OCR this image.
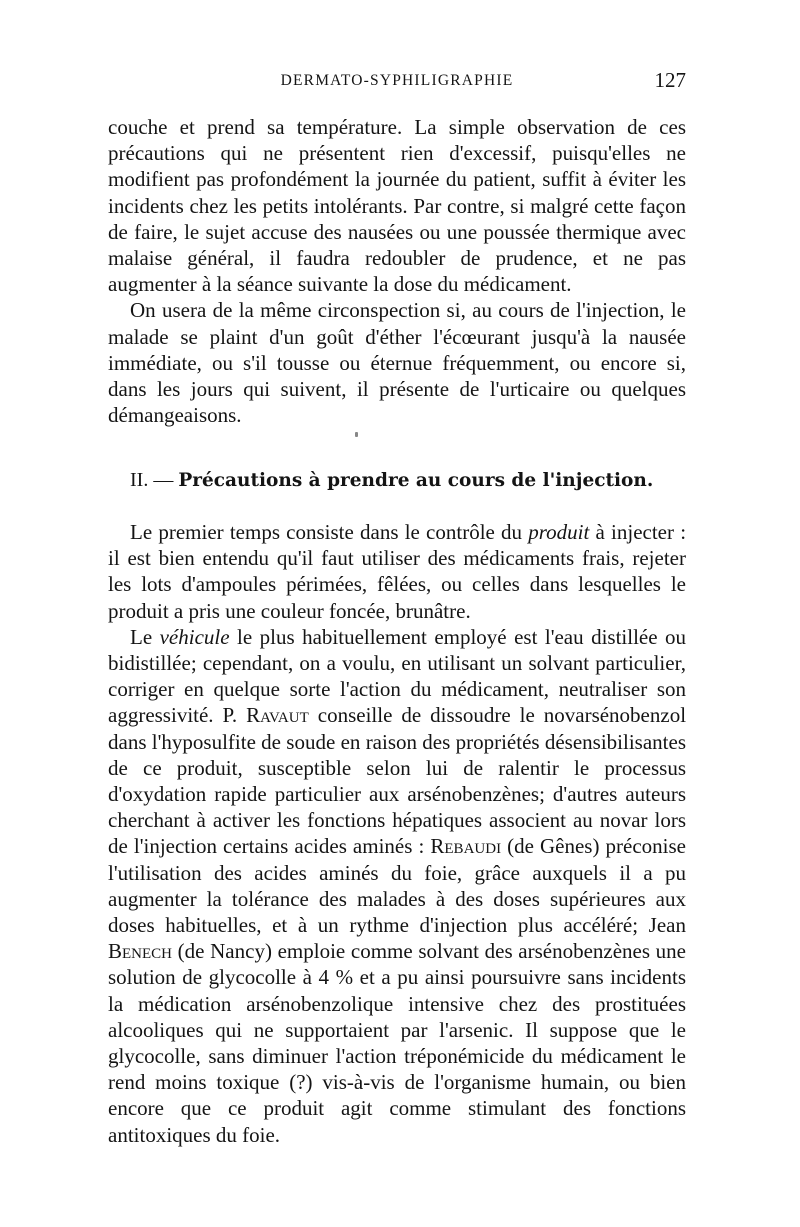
DERMATO-SYPHILIGRAPHIE	127

couche et prend sa température. La simple observation de ces précautions qui ne présentent rien d'excessif, puisqu'elles ne modifient pas profondément la journée du patient, suffit à éviter les incidents chez les petits intolérants. Par contre, si malgré cette façon de faire, le sujet accuse des nausées ou une poussée thermique avec malaise général, il faudra redoubler de prudence, et ne pas augmenter à la séance suivante la dose du médicament.

On usera de la même circonspection si, au cours de l'injection, le malade se plaint d'un goût d'éther l'écœurant jusqu'à la nausée immédiate, ou s'il tousse ou éternue fréquemment, ou encore si, dans les jours qui suivent, il présente de l'urticaire ou quelques démangeaisons.

II. — Précautions à prendre au cours de l'injection.

Le premier temps consiste dans le contrôle du produit à injecter : il est bien entendu qu'il faut utiliser des médicaments frais, rejeter les lots d'ampoules périmées, fêlées, ou celles dans lesquelles le produit a pris une couleur foncée, brunâtre.

Le véhicule le plus habituellement employé est l'eau distillée ou bidistillée; cependant, on a voulu, en utilisant un solvant particulier, corriger en quelque sorte l'action du médicament, neutraliser son aggressivité. P. Ravaut conseille de dissoudre le novarsénobenzol dans l'hyposulfite de soude en raison des propriétés désensibilisantes de ce produit, susceptible selon lui de ralentir le processus d'oxydation rapide particulier aux arsénobenzènes; d'autres auteurs cherchant à activer les fonctions hépatiques associent au novar lors de l'injection certains acides aminés : Rebaudi (de Gênes) préconise l'utilisation des acides aminés du foie, grâce auxquels il a pu augmenter la tolérance des malades à des doses supérieures aux doses habituelles, et à un rythme d'injection plus accéléré; Jean Benech (de Nancy) emploie comme solvant des arsénobenzènes une solution de glycocolle à 4 % et a pu ainsi poursuivre sans incidents la médication arsénobenzolique intensive chez des prostituées alcooliques qui ne supportaient par l'arsenic. Il suppose que le glycocolle, sans diminuer l'action tréponémicide du médicament le rend moins toxique (?) vis-à-vis de l'organisme humain, ou bien encore que ce produit agit comme stimulant des fonctions antitoxiques du foie.
